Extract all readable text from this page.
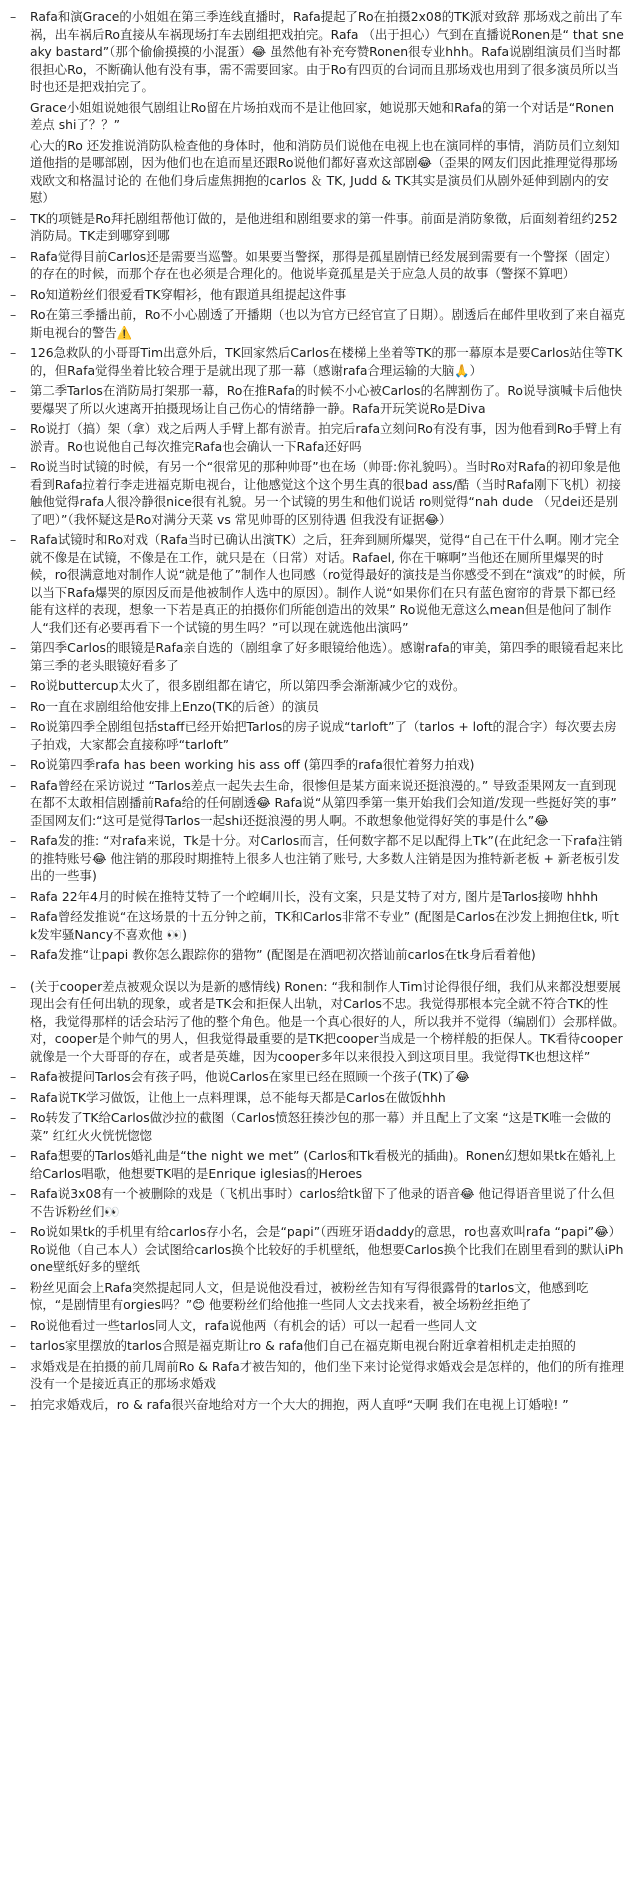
– Rafa和演Grace的小姐姐在第三季连线直播时，Rafa提起了Ro在拍摄2x08的TK派对致辞 那场戏之前出了车祸，出车祸后Ro直接从车祸现场打车去剧组把戏拍完。Rafa （出于担心）气到在直播说Ronen是“ that sneaky bastard”（那个偷偷摸摸的小混蛋）😂 虽然他有补充夸赞Ronen很专业hhh。Rafa说剧组演员们当时都很担心Ro，不断确认他有没有事，需不需要回家。由于Ro有四页的台词而且那场戏也用到了很多演员所以当时也还是把戏拍完了。
Grace小姐姐说她很气剧组让Ro留在片场拍戏而不是让他回家，她说那天她和Rafa的第一个对话是“Ronen差点 shi了？？”
心大的Ro 还发推说消防队检查他的身体时，他和消防员们说他在电视上也在演同样的事情，消防员们立刻知道他指的是哪部剧，因为他们也在追而星还跟Ro说他们都好喜欢这部剧😂（歪果的网友们因此推理觉得那场戏欧文和格温讨论的 在他们身后虚焦拥抱的carlos ＆ TK, Judd & TK其实是演员们从剧外延伸到剧内的安慰）
– TK的项链是Ro拜托剧组帮他订做的，是他进组和剧组要求的第一件事。前面是消防象徵，后面刻着纽约252消防局。TK走到哪穿到哪
– Rafa觉得目前Carlos还是需要当巡警。如果要当警探，那得是孤星剧情已经发展到需要有一个警探（固定）的存在的时候，而那个存在也必须是合理化的。他说毕竟孤星是关于应急人员的故事（警探不算吧）
– Ro知道粉丝们很爱看TK穿帽衫，他有跟道具组提起这件事
– Ro在第三季播出前，Ro不小心剧透了开播期（也以为官方已经官宣了日期）。剧透后在邮件里收到了来自福克斯电视台的警告⚠️
– 126急救队的小哥哥Tim出意外后，TK回家然后Carlos在楼梯上坐着等TK的那一幕原本是要Carlos站住等TK的，但Rafa觉得坐着比较合理于是就出现了那一幕（感谢rafa合理运输的大脑🙏）
– 第二季Tarlos在消防局打架那一幕，Ro在推Rafa的时候不小心被Carlos的名牌割伤了。Ro说导演喊卡后他快要爆哭了所以火速离开拍摄现场让自己伤心的情绪静一静。Rafa开玩笑说Ro是Diva
– Ro说打（搞）架（拿）戏之后两人手臂上都有淤青。拍完后rafa立刻问Ro有没有事，因为他看到Ro手臂上有淤青。Ro也说他自己每次推完Rafa也会确认一下Rafa还好吗
– Ro说当时试镜的时候，有另一个“很常见的那种帅哥”也在场（帅哥:你礼貌吗）。当时Ro对Rafa的初印象是他看到Rafa拉着行李走进福克斯电视台，让他感觉这个这个男生真的很bad ass/酷（当时Rafa刚下飞机）初接触他觉得rafa人很冷静很nice很有礼貌。另一个试镜的男生和他们说话 ro则觉得“nah dude （兄dei还是别了吧）”（我怀疑这是Ro对满分天菜 vs 常见帅哥的区别待遇 但我没有证据😂）
– Rafa试镜时和Ro对戏（Rafa当时已确认出演TK）之后，狂奔到厕所爆哭，觉得“自己在干什么啊。刚才完全就不像是在试镜，不像是在工作，就只是在（日常）对话。Rafael, 你在干嘛啊”当他还在厕所里爆哭的时候，ro很满意地对制作人说“就是他了”制作人也同感（ro觉得最好的演技是当你感受不到在“演戏”的时候，所以当下Rafa爆哭的原因反而是他被制作人选中的原因）。制作人说“如果你们在只有蓝色窗帘的背景下都已经能有这样的表现，想象一下若是真正的拍摄你们所能创造出的效果” Ro说他无意这么mean但是他问了制作人“我们还有必要再看下一个试镜的男生吗？”可以现在就选他出演吗”
– 第四季Carlos的眼镜是Rafa亲自选的（剧组拿了好多眼镜给他选）。感谢rafa的审美，第四季的眼镜看起来比第三季的老头眼镜好看多了
– Ro说buttercup太火了，很多剧组都在请它，所以第四季会渐渐减少它的戏份。
– Ro一直在求剧组给他安排上Enzo(TK的后爸）的演员
– Ro说第四季全剧组包括staff已经开始把Tarlos的房子说成“tarloft”了（tarlos + loft的混合字）每次要去房子拍戏，大家都会直接称呼“tarloft”
– Ro说第四季rafa has been working his ass off (第四季的rafa很忙着努力拍戏)
– Rafa曾经在采访说过 “Tarlos差点一起失去生命，很惨但是某方面来说还挺浪漫的。” 导致歪果网友一直到现在都不太敢相信剧播前Rafa给的任何剧透😂 Rafa说“从第四季第一集开始我们会知道/发现一些挺好笑的事” 歪国网友们:“这可是觉得Tarlos一起shi还挺浪漫的男人啊。不敢想象他觉得好笑的事是什么”😂
– Rafa发的推: “对rafa来说，Tk是十分。对Carlos而言，任何数字都不足以配得上Tk”(在此纪念一下rafa注销的推特账号😂 他注销的那段时期推特上很多人也注销了账号, 大多数人注销是因为推特新老板 + 新老板引发出的一些事)
– Rafa 22年4月的时候在推特艾特了一个崆峒川长，没有文案，只是艾特了对方, 图片是Tarlos接吻 hhhh
– Rafa曾经发推说“在这场景的十五分钟之前，TK和Carlos非常不专业” (配图是Carlos在沙发上拥抱住tk, 听tk发牢骚Nancy不喜欢他 👀)
– Rafa发推“让papi 教你怎么跟踪你的猎物” (配图是在酒吧初次搭讪前carlos在tk身后看着他)
– (关于cooper差点被观众误以为是新的感情线) Ronen: “我和制作人Tim讨论得很仔细，我们从来都没想要展现出会有任何出轨的现象，或者是TK会和拒保人出轨，对Carlos不忠。我觉得那根本完全就不符合TK的性格，我觉得那样的话会玷污了他的整个角色。他是一个真心很好的人，所以我并不觉得（编剧们）会那样做。对，cooper是个帅气的男人，但我觉得最重要的是TK把cooper当成是一个榜样般的拒保人。TK看待cooper就像是一个大哥哥的存在，或者是英雄，因为cooper多年以来很投入到这项目里。我觉得TK也想这样”
– Rafa被提问Tarlos会有孩子吗，他说Carlos在家里已经在照顾一个孩子(TK)了😂
– Rafa说TK学习做饭，让他上一点料理课，总不能每天都是Carlos在做饭hhh
– Ro转发了TK给Carlos做沙拉的截图（Carlos愤怒狂揍沙包的那一幕）并且配上了文案 “这是TK唯一会做的菜” 红红火火恍恍惚惚
– Rafa想要的Tarlos婚礼曲是“the night we met” (Carlos和Tk看极光的插曲)。Ronen幻想如果tk在婚礼上给Carlos唱歌，他想要TK唱的是Enrique iglesias的Heroes
– Rafa说3x08有一个被删除的戏是（飞机出事时）carlos给tk留下了他录的语音😂 他记得语音里说了什么但不告诉粉丝们👀
– Ro说如果tk的手机里有给carlos存小名，会是“papi”（西班牙语daddy的意思，ro也喜欢叫rafa “papi”😂）Ro说他（自己本人）会试图给carlos换个比较好的手机壁纸，他想要Carlos换个比我们在剧里看到的默认iPhone壁纸好多的壁纸
– 粉丝见面会上Rafa突然提起同人文，但是说他没看过，被粉丝告知有写得很露骨的tarlos文，他感到吃惊，“是剧情里有orgies吗？”😊 他要粉丝们给他推一些同人文去找来看，被全场粉丝拒绝了
– Ro说他看过一些tarlos同人文，rafa说他两（有机会的话）可以一起看一些同人文
– tarlos家里摆放的tarlos合照是福克斯让ro & rafa他们自己在福克斯电视台附近拿着相机走走拍照的
– 求婚戏是在拍摄的前几周前Ro & Rafa才被告知的，他们坐下来讨论觉得求婚戏会是怎样的，他们的所有推理没有一个是接近真正的那场求婚戏
– 拍完求婚戏后，ro & rafa很兴奋地给对方一个大大的拥抱，两人直呼“天啊 我们在电视上订婚啦! ”
